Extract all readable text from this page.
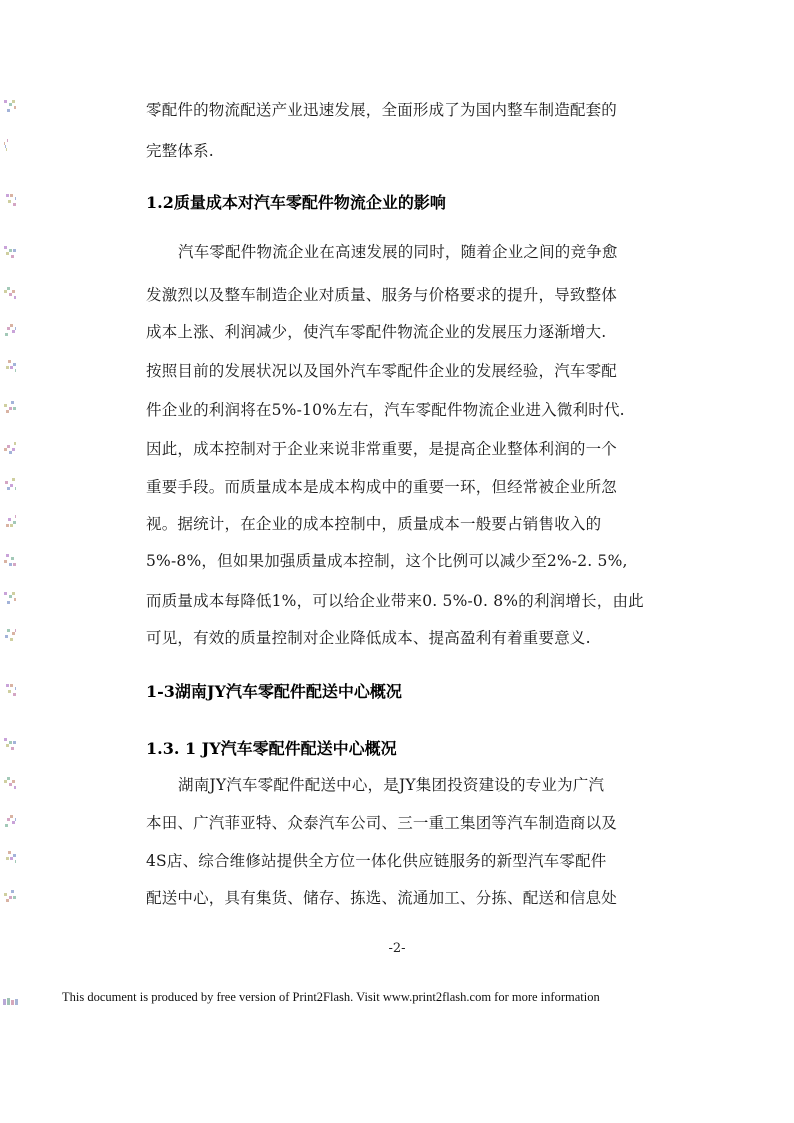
零配件的物流配送产业迅速发展，全面形成了为国内整车制造配套的
完整体系.
1.2质量成本对汽车零配件物流企业的影响
汽车零配件物流企业在高速发展的同时，随着企业之间的竞争愈
发激烈以及整车制造企业对质量、服务与价格要求的提升，导致整体
成本上涨、利润减少，使汽车零配件物流企业的发展压力逐渐增大.
按照目前的发展状况以及国外汽车零配件企业的发展经验，汽车零配
件企业的利润将在5%-10%左右，汽车零配件物流企业进入微利时代.
因此，成本控制对于企业来说非常重要，是提高企业整体利润的一个
重要手段。而质量成本是成本构成中的重要一环，但经常被企业所忽
视。据统计，在企业的成本控制中，质量成本一般要占销售收入的
5%-8%，但如果加强质量成本控制，这个比例可以减少至2%-2. 5%,
而质量成本每降低1%，可以给企业带来0. 5%-0. 8%的利润增长，由此
可见，有效的质量控制对企业降低成本、提高盈利有着重要意义.
1-3湖南JY汽车零配件配送中心概况
1.3. 1 JY汽车零配件配送中心概况
湖南JY汽车零配件配送中心，是JY集团投资建设的专业为广汽
本田、广汽菲亚特、众泰汽车公司、三一重工集团等汽车制造商以及
4S店、综合维修站提供全方位一体化供应链服务的新型汽车零配件
配送中心，具有集货、储存、拣选、流通加工、分拣、配送和信息处
-2-
This document is produced by free version of Print2Flash. Visit www.print2flash.com for more information
